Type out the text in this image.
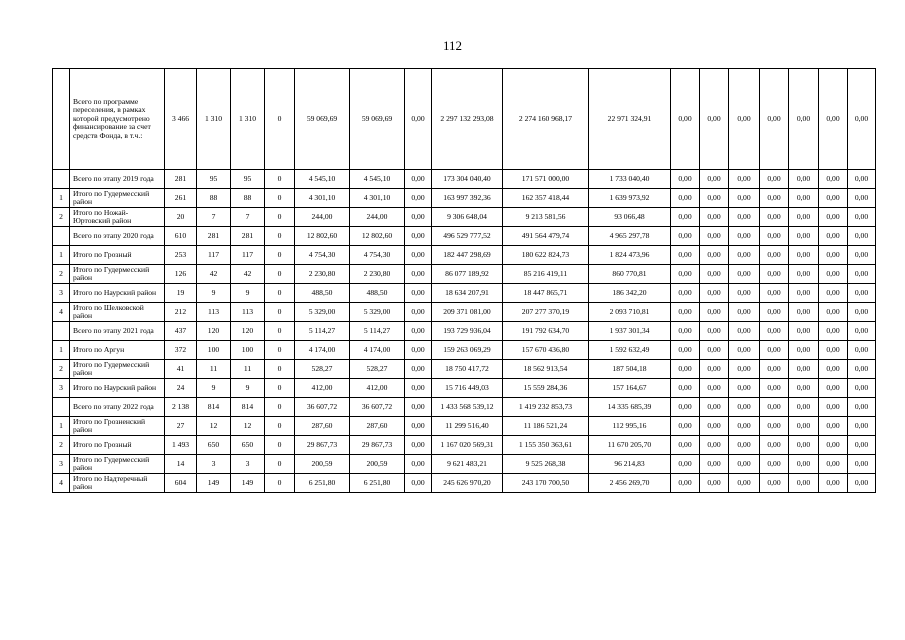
112
	Всего по программе переселения, в рамках которой предусмотрено финансирование за счет средств Фонда, в т.ч.:	3 466	1 310	1 310	0	59 069,69	59 069,69	0,00	2 297 132 293,08	2 274 160 968,17	22 971 324,91	0,00	0,00	0,00	0,00	0,00	0,00	0,00
	Всего по этапу 2019 года	281	95	95	0	4 545,10	4 545,10	0,00	173 304 040,40	171 571 000,00	1 733 040,40	0,00	0,00	0,00	0,00	0,00	0,00	0,00
1	Итого по Гудермесский район	261	88	88	0	4 301,10	4 301,10	0,00	163 997 392,36	162 357 418,44	1 639 973,92	0,00	0,00	0,00	0,00	0,00	0,00	0,00
2	Итого по Ножай-Юртовский район	20	7	7	0	244,00	244,00	0,00	9 306 648,04	9 213 581,56	93 066,48	0,00	0,00	0,00	0,00	0,00	0,00	0,00
	Всего по этапу 2020 года	610	281	281	0	12 802,60	12 802,60	0,00	496 529 777,52	491 564 479,74	4 965 297,78	0,00	0,00	0,00	0,00	0,00	0,00	0,00
1	Итого по Грозный	253	117	117	0	4 754,30	4 754,30	0,00	182 447 298,69	180 622 824,73	1 824 473,96	0,00	0,00	0,00	0,00	0,00	0,00	0,00
2	Итого по Гудермесский район	126	42	42	0	2 230,80	2 230,80	0,00	86 077 189,92	85 216 419,11	860 770,81	0,00	0,00	0,00	0,00	0,00	0,00	0,00
3	Итого по Наурский район	19	9	9	0	488,50	488,50	0,00	18 634 207,91	18 447 865,71	186 342,20	0,00	0,00	0,00	0,00	0,00	0,00	0,00
4	Итого по Шелковской район	212	113	113	0	5 329,00	5 329,00	0,00	209 371 081,00	207 277 370,19	2 093 710,81	0,00	0,00	0,00	0,00	0,00	0,00	0,00
	Всего по этапу 2021 года	437	120	120	0	5 114,27	5 114,27	0,00	193 729 936,04	191 792 634,70	1 937 301,34	0,00	0,00	0,00	0,00	0,00	0,00	0,00
1	Итого по Аргун	372	100	100	0	4 174,00	4 174,00	0,00	159 263 069,29	157 670 436,80	1 592 632,49	0,00	0,00	0,00	0,00	0,00	0,00	0,00
2	Итого по Гудермесский район	41	11	11	0	528,27	528,27	0,00	18 750 417,72	18 562 913,54	187 504,18	0,00	0,00	0,00	0,00	0,00	0,00	0,00
3	Итого по Наурский район	24	9	9	0	412,00	412,00	0,00	15 716 449,03	15 559 284,36	157 164,67	0,00	0,00	0,00	0,00	0,00	0,00	0,00
	Всего по этапу 2022 года	2 138	814	814	0	36 607,72	36 607,72	0,00	1 433 568 539,12	1 419 232 853,73	14 335 685,39	0,00	0,00	0,00	0,00	0,00	0,00	0,00
1	Итого по Грозненский район	27	12	12	0	287,60	287,60	0,00	11 299 516,40	11 186 521,24	112 995,16	0,00	0,00	0,00	0,00	0,00	0,00	0,00
2	Итого по Грозный	1 493	650	650	0	29 867,73	29 867,73	0,00	1 167 020 569,31	1 155 350 363,61	11 670 205,70	0,00	0,00	0,00	0,00	0,00	0,00	0,00
3	Итого по Гудермесский район	14	3	3	0	200,59	200,59	0,00	9 621 483,21	9 525 268,38	96 214,83	0,00	0,00	0,00	0,00	0,00	0,00	0,00
4	Итого по Надтеречный район	604	149	149	0	6 251,80	6 251,80	0,00	245 626 970,20	243 170 700,50	2 456 269,70	0,00	0,00	0,00	0,00	0,00	0,00	0,00
